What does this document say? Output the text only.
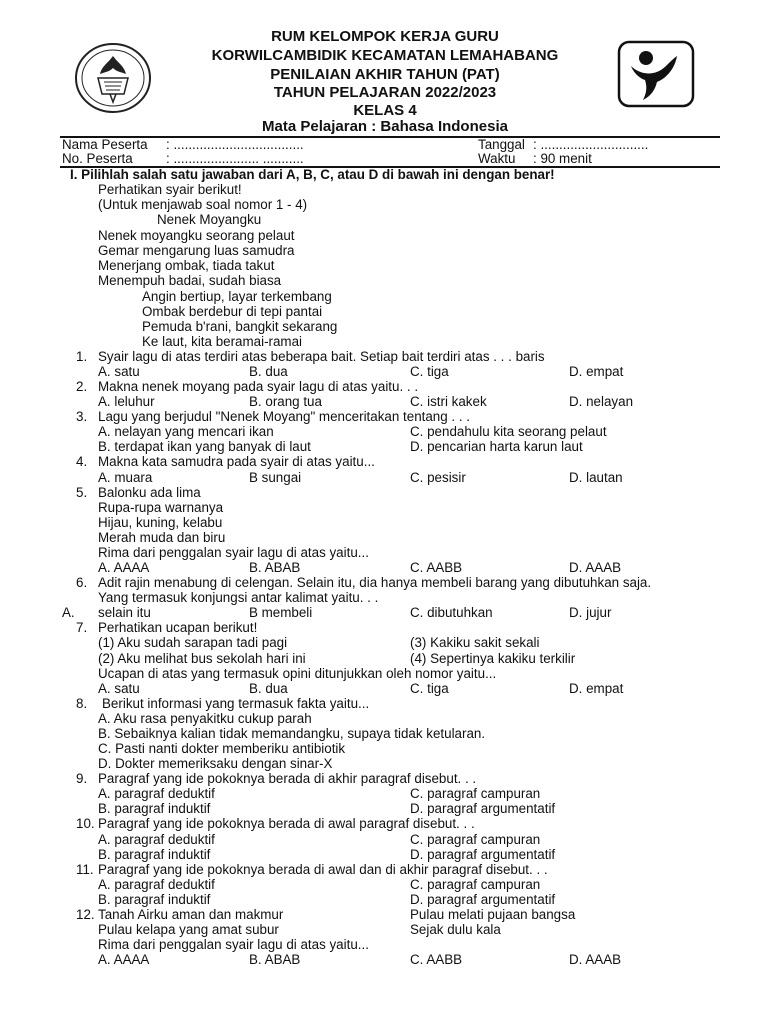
RUM KELOMPOK KERJA GURU
KORWILCAMBIDIK KECAMATAN LEMAHABANG
PENILAIAN AKHIR TAHUN (PAT)
TAHUN PELAJARAN 2022/2023
KELAS 4
Mata Pelajaran : Bahasa Indonesia
Nama Peserta : ...................................	Tanggal : .............................
No. Peserta : ....................... ...........	Waktu : 90 menit
I. Pilihlah salah satu jawaban dari A, B, C, atau D di bawah ini dengan benar!
Perhatikan syair berikut!
(Untuk menjawab soal nomor 1 - 4)
Nenek Moyangku
Nenek moyangku seorang pelaut
Gemar mengarung luas samudra
Menerjang ombak, tiada takut
Menempuh badai, sudah biasa
Angin bertiup, layar terkembang
Ombak berdebur di tepi pantai
Pemuda b'rani, bangkit sekarang
Ke laut, kita beramai-ramai
1. Syair lagu di atas terdiri atas beberapa bait. Setiap bait terdiri atas . . . baris
A. satu	B. dua	C. tiga	D. empat
2. Makna nenek moyang pada syair lagu di atas yaitu. . .
A. leluhur	B. orang tua	C. istri kakek	D. nelayan
3. Lagu yang berjudul "Nenek Moyang" menceritakan tentang . . .
A. nelayan yang mencari ikan	C. pendahulu kita seorang pelaut
B. terdapat ikan yang banyak di laut	D. pencarian harta karun laut
4. Makna kata samudra pada syair di atas yaitu...
A. muara	B sungai	C. pesisir	D. lautan
5. Balonku ada lima
Rupa-rupa warnanya
Hijau, kuning, kelabu
Merah muda dan biru
Rima dari penggalan syair lagu di atas yaitu...
A. AAAA	B. ABAB	C. AABB	D. AAAB
6. Adit rajin menabung di celengan. Selain itu, dia hanya membeli barang yang dibutuhkan saja.
Yang termasuk konjungsi antar kalimat yaitu. . .
A. selain itu	B membeli	C. dibutuhkan	D. jujur
7. Perhatikan ucapan berikut!
(1) Aku sudah sarapan tadi pagi	(3) Kakiku sakit sekali
(2) Aku melihat bus sekolah hari ini	(4) Sepertinya kakiku terkilir
Ucapan di atas yang termasuk opini ditunjukkan oleh nomor yaitu...
A. satu	B. dua	C. tiga	D. empat
8. Berikut informasi yang termasuk fakta yaitu...
A. Aku rasa penyakitku cukup parah
B. Sebaiknya kalian tidak memandangku, supaya tidak ketularan.
C. Pasti nanti dokter memberiku antibiotik
D. Dokter memeriksaku dengan sinar-X
9. Paragraf yang ide pokoknya berada di akhir paragraf disebut. . .
A. paragraf deduktif	C. paragraf campuran
B. paragraf induktif	D. paragraf argumentatif
10. Paragraf yang ide pokoknya berada di awal paragraf disebut. . .
A. paragraf deduktif	C. paragraf campuran
B. paragraf induktif	D. paragraf argumentatif
11. Paragraf yang ide pokoknya berada di awal dan di akhir paragraf disebut. . .
A. paragraf deduktif	C. paragraf campuran
B. paragraf induktif	D. paragraf argumentatif
12. Tanah Airku aman dan makmur	Pulau melati pujaan bangsa
Pulau kelapa yang amat subur	Sejak dulu kala
Rima dari penggalan syair lagu di atas yaitu...
A. AAAA	B. ABAB	C. AABB	D. AAAB
